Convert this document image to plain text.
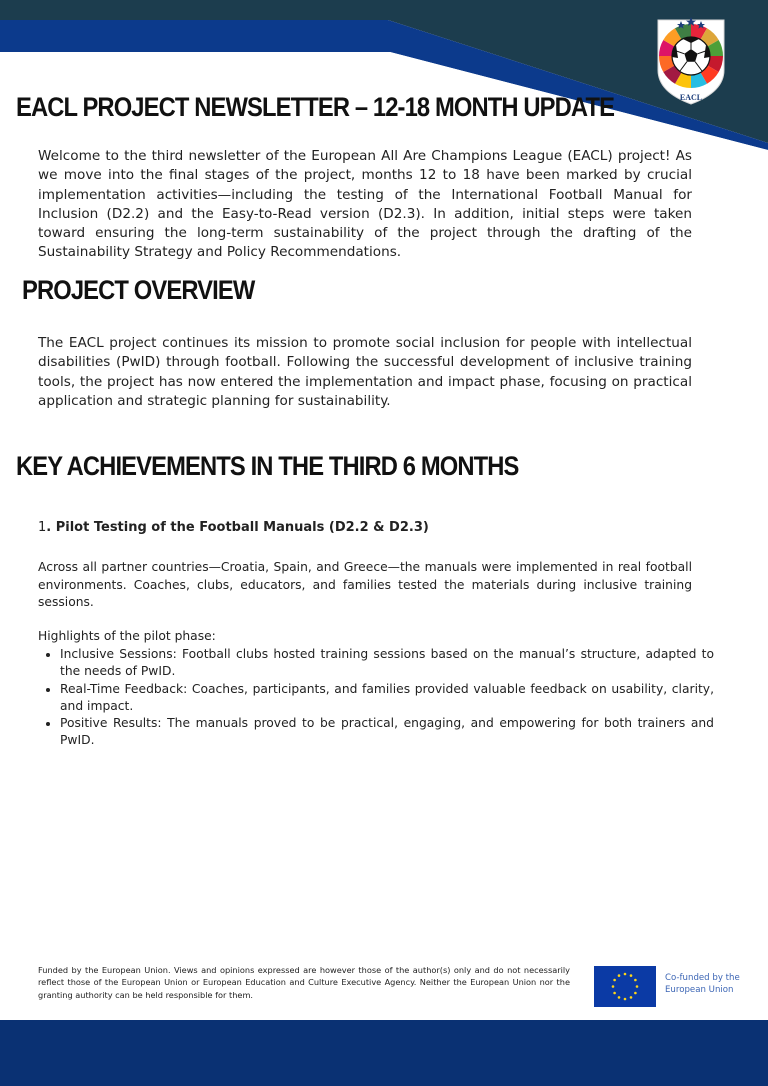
EACL
EACL PROJECT NEWSLETTER – 12-18 MONTH UPDATE

Welcome to the third newsletter of the European All Are Champions League (EACL) project! As we move into the final stages of the project, months 12 to 18 have been marked by crucial implementation activities—including the testing of the International Football Manual for Inclusion (D2.2) and the Easy-to-Read version (D2.3). In addition, initial steps were taken toward ensuring the long-term sustainability of the project through the drafting of the Sustainability Strategy and Policy Recommendations.

PROJECT OVERVIEW

The EACL project continues its mission to promote social inclusion for people with intellectual disabilities (PwID) through football. Following the successful development of inclusive training tools, the project has now entered the implementation and impact phase, focusing on practical application and strategic planning for sustainability.

KEY ACHIEVEMENTS IN THE THIRD 6 MONTHS

1. Pilot Testing of the Football Manuals (D2.2 & D2.3)

Across all partner countries—Croatia, Spain, and Greece—the manuals were implemented in real football environments. Coaches, clubs, educators, and families tested the materials during inclusive training sessions.

Highlights of the pilot phase:

• Inclusive Sessions: Football clubs hosted training sessions based on the manual’s structure, adapted to the needs of PwID.
• Real-Time Feedback: Coaches, participants, and families provided valuable feedback on usability, clarity, and impact.
• Positive Results: The manuals proved to be practical, engaging, and empowering for both trainers and PwID.

Funded by the European Union. Views and opinions expressed are however those of the author(s) only and do not necessarily reflect those of the European Union or European Education and Culture Executive Agency. Neither the European Union nor the granting authority can be held responsible for them.

Co-funded by the
European Union
